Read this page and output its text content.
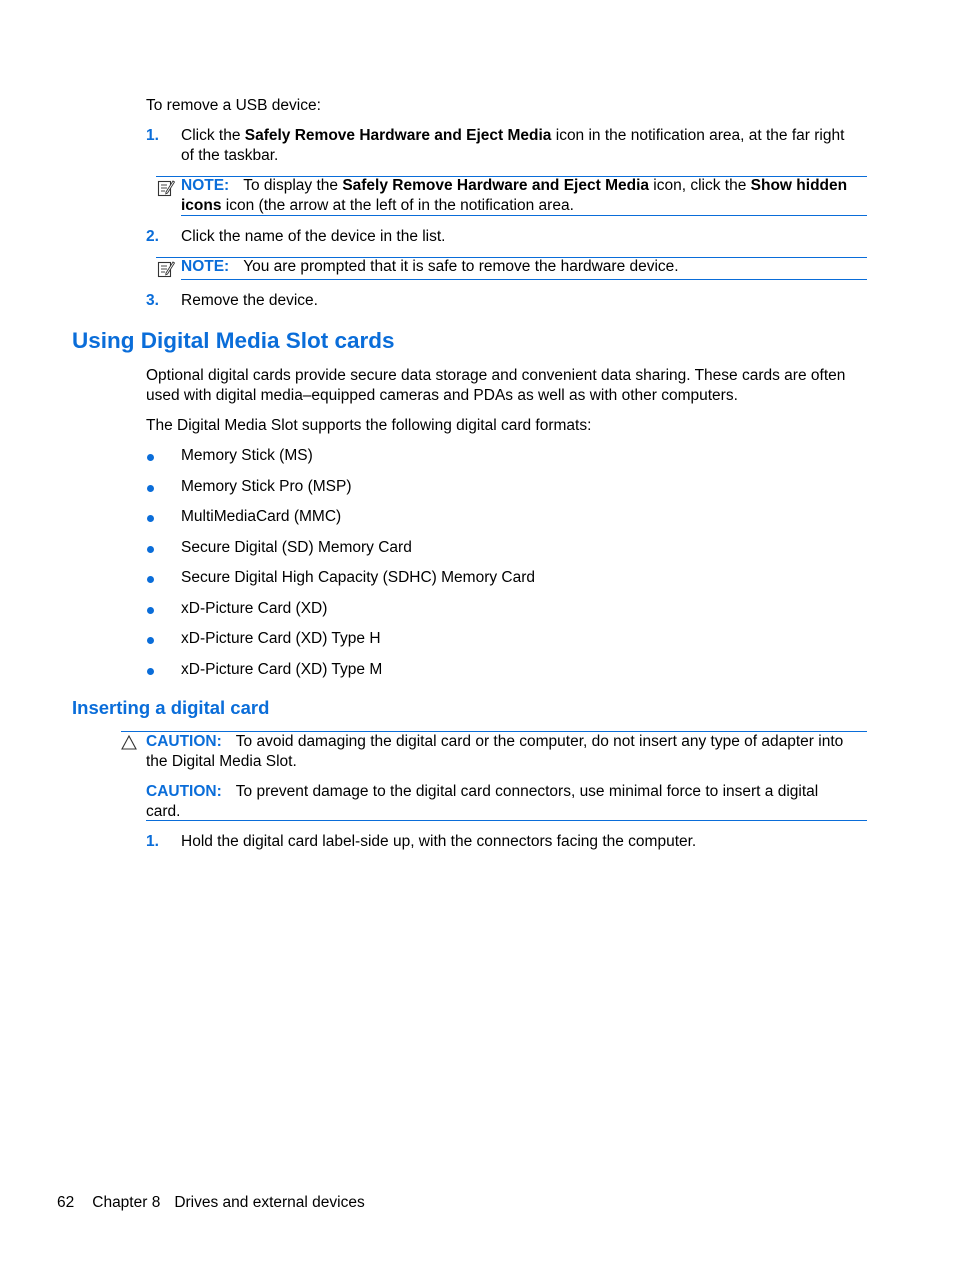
To remove a USB device:
1. Click the Safely Remove Hardware and Eject Media icon in the notification area, at the far right of the taskbar.
NOTE: To display the Safely Remove Hardware and Eject Media icon, click the Show hidden icons icon (the arrow at the left of in the notification area.
2. Click the name of the device in the list.
NOTE: You are prompted that it is safe to remove the hardware device.
3. Remove the device.
Using Digital Media Slot cards
Optional digital cards provide secure data storage and convenient data sharing. These cards are often used with digital media–equipped cameras and PDAs as well as with other computers.
The Digital Media Slot supports the following digital card formats:
Memory Stick (MS)
Memory Stick Pro (MSP)
MultiMediaCard (MMC)
Secure Digital (SD) Memory Card
Secure Digital High Capacity (SDHC) Memory Card
xD-Picture Card (XD)
xD-Picture Card (XD) Type H
xD-Picture Card (XD) Type M
Inserting a digital card
CAUTION: To avoid damaging the digital card or the computer, do not insert any type of adapter into the Digital Media Slot.
CAUTION: To prevent damage to the digital card connectors, use minimal force to insert a digital card.
1. Hold the digital card label-side up, with the connectors facing the computer.
62 Chapter 8 Drives and external devices
